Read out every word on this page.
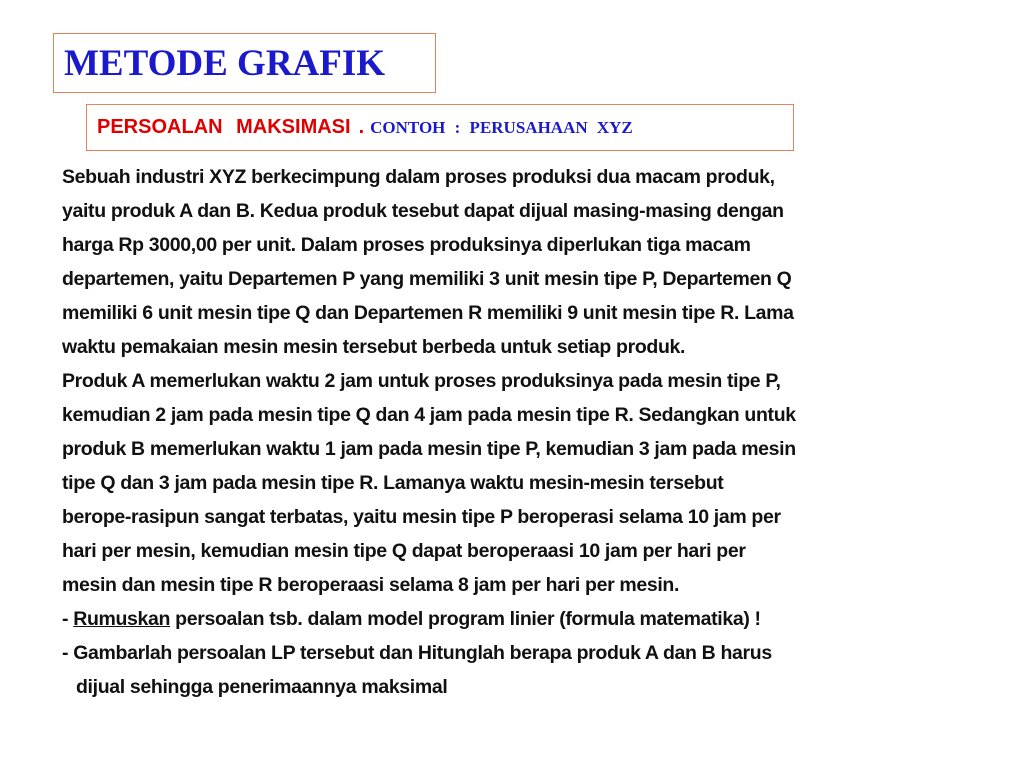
METODE GRAFIK
PERSOALAN MAKSIMASI . CONTOH : PERUSAHAAN XYZ
Sebuah industri XYZ berkecimpung dalam proses produksi dua macam produk,
yaitu produk A dan B. Kedua produk tesebut dapat dijual masing-masing dengan
harga Rp 3000,00 per unit. Dalam proses produksinya diperlukan tiga macam
departemen, yaitu Departemen P yang memiliki 3 unit mesin tipe P, Departemen Q
memiliki 6 unit mesin tipe Q dan Departemen R memiliki 9 unit mesin tipe R. Lama
waktu pemakaian mesin mesin tersebut berbeda untuk setiap produk.
Produk A memerlukan waktu 2 jam untuk proses produksinya pada mesin tipe P,
kemudian 2 jam pada mesin tipe Q dan 4 jam pada mesin tipe R. Sedangkan untuk
produk B memerlukan waktu 1 jam pada mesin tipe P, kemudian 3 jam pada mesin
tipe Q dan 3 jam pada mesin tipe R. Lamanya waktu mesin-mesin tersebut
berope-rasipun sangat terbatas, yaitu mesin tipe P beroperasi selama 10 jam per
hari per mesin, kemudian mesin tipe Q dapat beroperaasi 10 jam per hari per
mesin dan mesin tipe R beroperaasi selama 8 jam per hari per mesin.
- Rumuskan persoalan tsb. dalam model program linier (formula matematika) !
- Gambarlah persoalan LP tersebut dan Hitunglah berapa produk A dan B harus
dijual sehingga penerimaannya maksimal
